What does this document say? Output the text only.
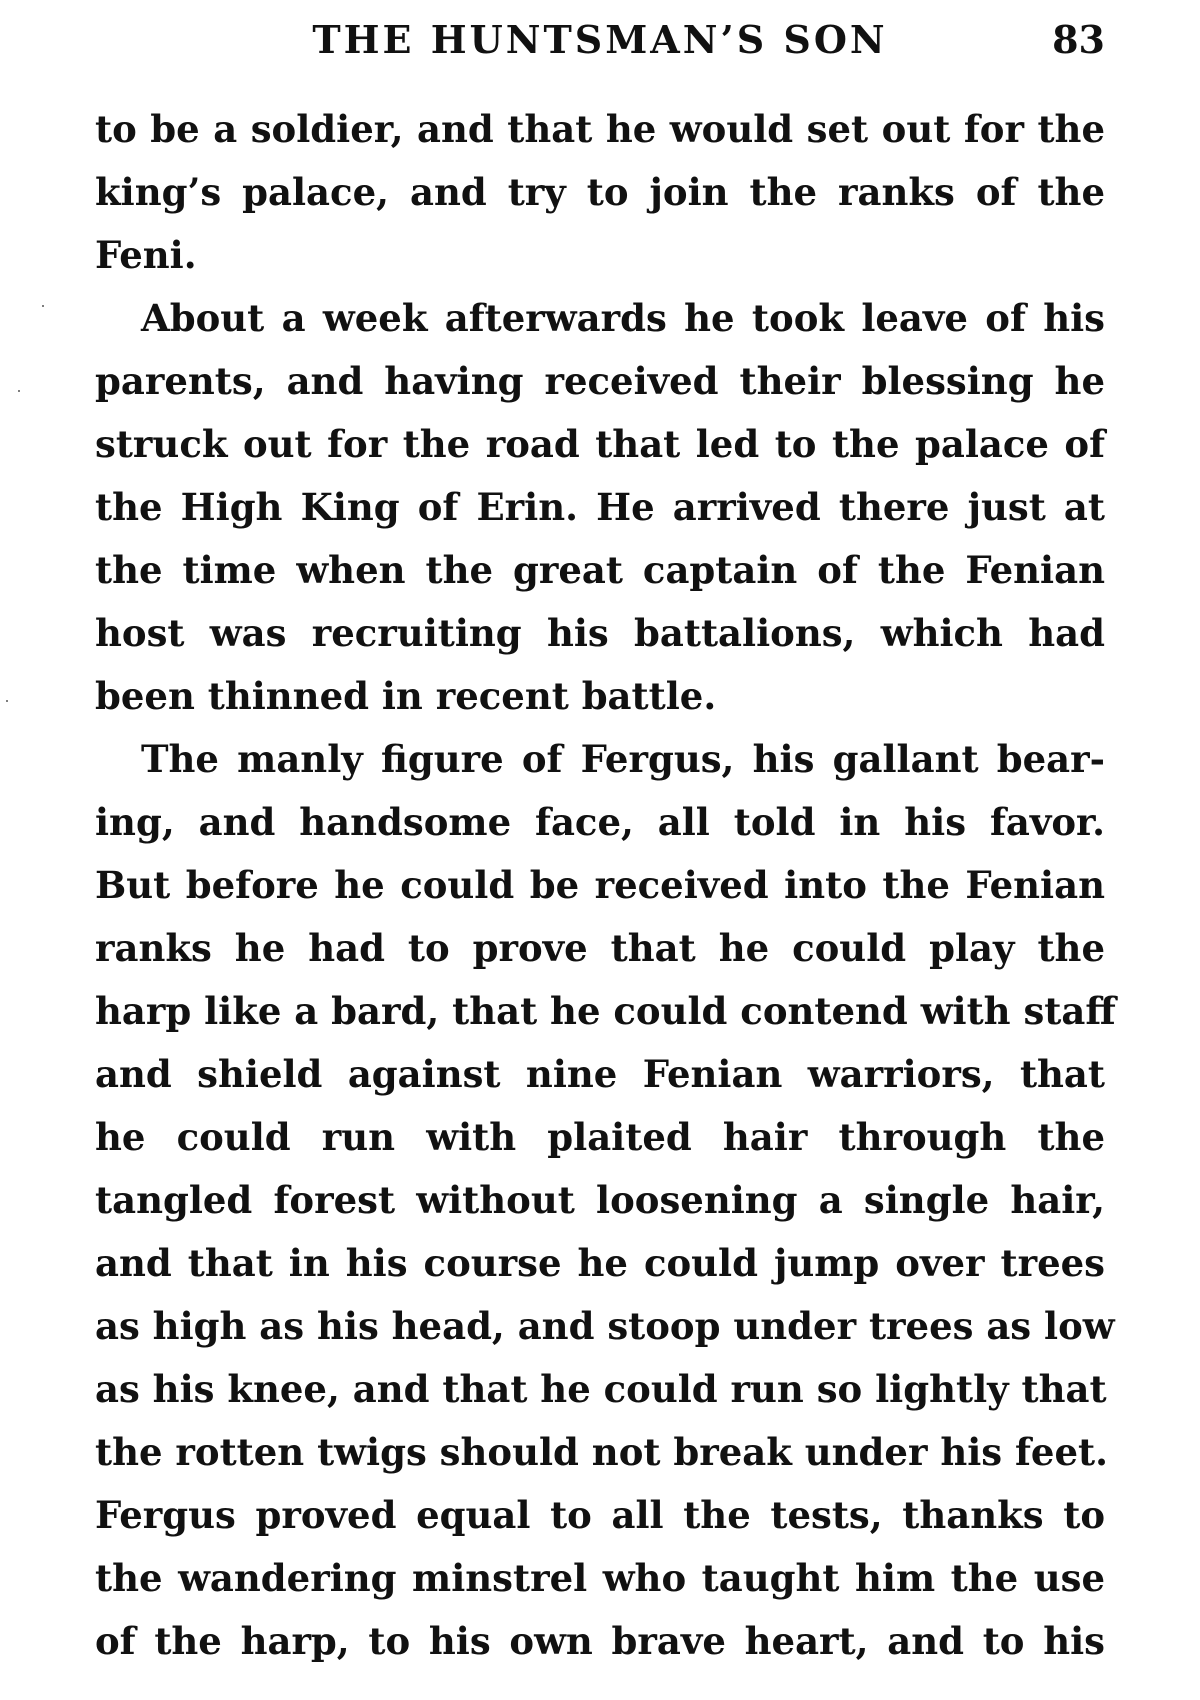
THE HUNTSMAN’S SON	83
to be a soldier, and that he would set out for the
king’s palace, and try to join the ranks of the
Feni.
About a week afterwards he took leave of his
parents, and having received their blessing he
struck out for the road that led to the palace of
the High King of Erin. He arrived there just at
the time when the great captain of the Fenian
host was recruiting his battalions, which had
been thinned in recent battle.
The manly figure of Fergus, his gallant bear-
ing, and handsome face, all told in his favor.
But before he could be received into the Fenian
ranks he had to prove that he could play the
harp like a bard, that he could contend with staff
and shield against nine Fenian warriors, that
he could run with plaited hair through the
tangled forest without loosening a single hair,
and that in his course he could jump over trees
as high as his head, and stoop under trees as low
as his knee, and that he could run so lightly that
the rotten twigs should not break under his feet.
Fergus proved equal to all the tests, thanks to
the wandering minstrel who taught him the use
of the harp, to his own brave heart, and to his
